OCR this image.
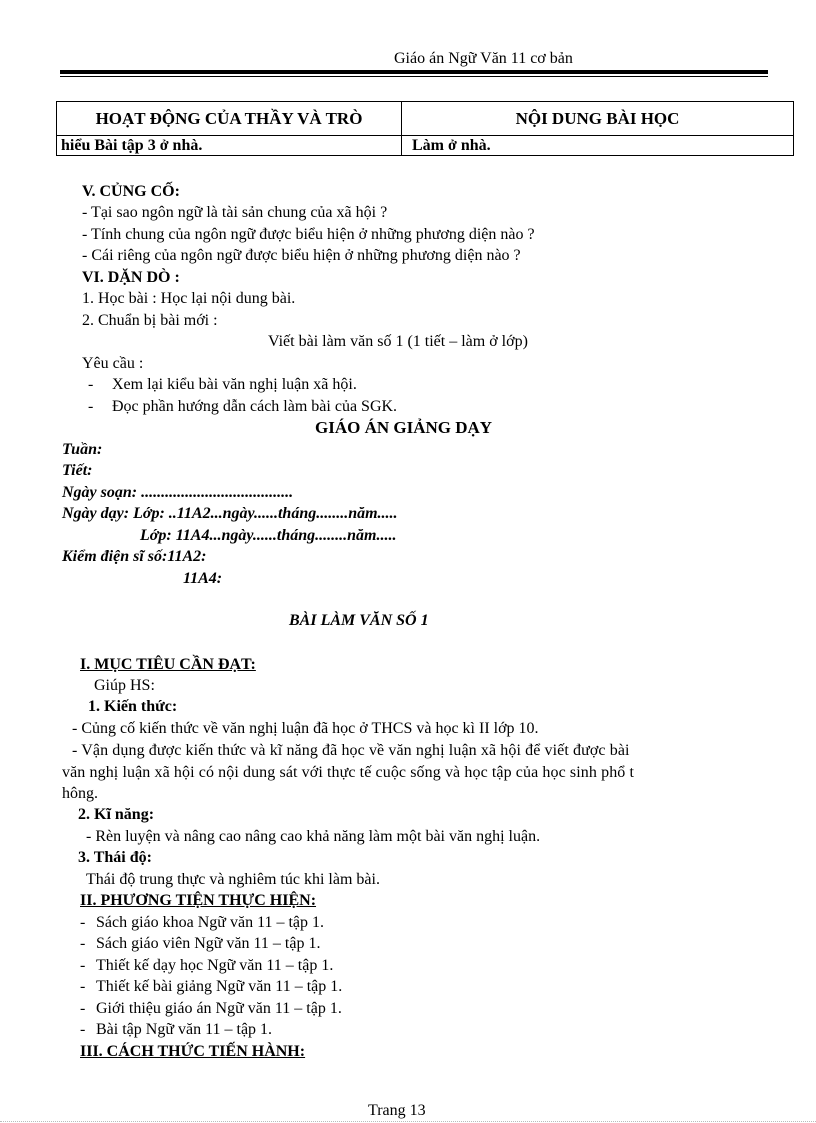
Giáo án Ngữ Văn 11 cơ bản
HOẠT ĐỘNG CỦA THẦY VÀ TRÒ	NỘI DUNG BÀI HỌC
hiểu Bài tập 3 ở nhà.	Làm ở nhà.
V. CỦNG CỐ:
- Tại sao ngôn ngữ là tài sản chung của xã hội ?
- Tính chung của ngôn ngữ được biểu hiện ở những phương diện nào ?
- Cái riêng của ngôn ngữ được biểu hiện ở những phương diện nào ?
VI. DẶN DÒ :
1. Học bài : Học lại nội dung bài.
2. Chuẩn bị bài mới :
Viết bài làm văn số 1 (1 tiết – làm ở lớp)
Yêu cầu :
- Xem lại kiểu bài văn nghị luận xã hội.
- Đọc phần hướng dẫn cách làm bài của SGK.
GIÁO ÁN GIẢNG DẠY
Tuần:
Tiết:
Ngày soạn: ......................................
Ngày dạy: Lớp: ..11A2...ngày......tháng........năm.....
Lớp: 11A4...ngày......tháng........năm.....
Kiểm điện sĩ số:11A2:
11A4:
BÀI LÀM VĂN SỐ 1
I. MỤC TIÊU CẦN ĐẠT:
Giúp HS:
1. Kiến thức:
- Củng cố kiến thức về văn nghị luận đã học ở THCS và học kì II lớp 10.
- Vận dụng được kiến thức và kĩ năng đã học về văn nghị luận xã hội để viết được bài
văn nghị luận xã hội có nội dung sát với thực tế cuộc sống và học tập của học sinh phổ t
hông.
2. Kĩ năng:
- Rèn luyện và nâng cao nâng cao khả năng làm một bài văn nghị luận.
3. Thái độ:
Thái độ trung thực và nghiêm túc khi làm bài.
II. PHƯƠNG TIỆN THỰC HIỆN:
- Sách giáo khoa Ngữ văn 11 – tập 1.
- Sách giáo viên Ngữ văn 11 – tập 1.
- Thiết kế dạy học Ngữ văn 11 – tập 1.
- Thiết kế bài giảng Ngữ văn 11 – tập 1.
- Giới thiệu giáo án Ngữ văn 11 – tập 1.
- Bài tập Ngữ văn 11 – tập 1.
III. CÁCH THỨC TIẾN HÀNH:
Trang 13
